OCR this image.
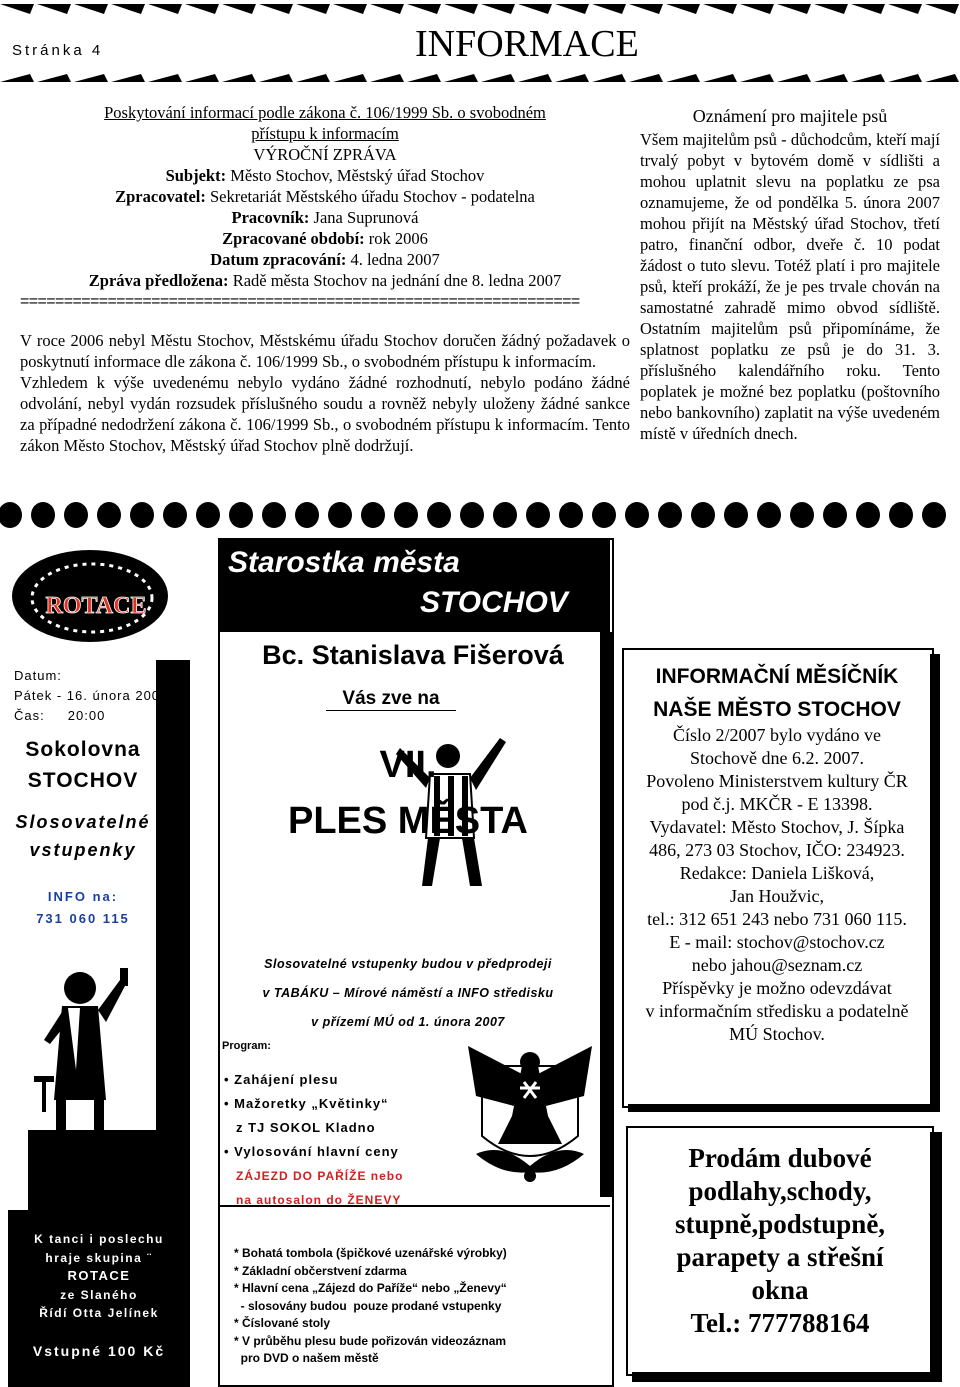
Stránka 4	INFORMACE

Poskytování informací podle zákona č. 106/1999 Sb. o svobodném

přístupu k informacím

VÝROČNÍ ZPRÁVA

Subjekt: Město Stochov, Městský úřad Stochov

Zpracovatel: Sekretariát Městského úřadu Stochov - podatelna

Pracovník: Jana Suprunová

Zpracované období: rok 2006

Datum zpracování: 4. ledna 2007

Zpráva předložena: Radě města Stochov na jednání dne 8. ledna 2007

================================================================

V roce 2006 nebyl Městu Stochov, Městskému úřadu Stochov doručen žádný požadavek o poskytnutí informace dle zákona č. 106/1999 Sb., o svobodném přístupu k informacím.

Vzhledem k výše uvedenému nebylo vydáno žádné rozhodnutí, nebylo podáno žádné odvolání, nebyl vydán rozsudek příslušného soudu a rovněž nebyly uloženy žádné sankce za případné nedodržení zákona č. 106/1999 Sb., o svobodném přístupu k informacím. Tento zákon Město Stochov, Městský úřad Stochov plně dodržují.

Oznámení pro majitele psů
Všem majitelům psů - důchodcům, kteří mají trvalý pobyt v bytovém domě v sídlišti a mohou uplatnit slevu na poplatku ze psa oznamujeme, že od pondělka 5. února 2007 mohou přijít na Městský úřad Stochov, třetí patro, finanční odbor, dveře č. 10 podat žádost o tuto slevu. Totéž platí i pro majitele psů, kteří prokáží, že je pes trvale chován na samostatné zahradě mimo obvod sídliště. Ostatním majitelům psů připomínáme, že splatnost poplatku ze psů je do 31. 3. příslušného kalendářního roku. Tento poplatek je možné bez poplatku (poštovního nebo bankovního) zaplatit na výše uvedeném místě v úředních dnech.
ROTACE
Datum:
Pátek - 16. února 2007
Čas: 20:00
Sokolovna
STOCHOV
Slosovatelné
vstupenky
INFO na:
731 060 115
K tanci i poslechu
hraje skupina ¨
ROTACE
ze Slaného
Řídí Otta Jelínek
Vstupné 100 Kč
Starostka města
STOCHOV
Bc. Stanislava Fišerová
Vás zve na
VII.
PLES MĚSTA
Slosovatelné vstupenky budou v předprodeji
v TABÁKU – Mírové náměstí a INFO středisku
v přízemí MÚ od 1. února 2007
Program:
• Zahájení plesu
• Mažoretky „Květinky“
z TJ SOKOL Kladno
• Vylosování hlavní ceny
ZÁJEZD DO PAŘÍŽE nebo
na autosalon do ŽENEVY
* Bohatá tombola (špičkové uzenářské výrobky)
* Základní občerstvení zdarma
* Hlavní cena „Zájezd do Paříže“ nebo „Ženevy“
- slosovány budou  pouze prodané vstupenky
* Číslované stoly
* V průběhu plesu bude pořizován videozáznam
pro DVD o našem městě
INFORMAČNÍ MĚSÍČNÍK
NAŠE MĚSTO STOCHOV
Číslo 2/2007 bylo vydáno ve
Stochově dne 6.2. 2007.
Povoleno Ministerstvem kultury ČR
pod č.j. MKČR - E 13398.
Vydavatel: Město Stochov, J. Šípka
486, 273 03 Stochov, IČO: 234923.
Redakce: Daniela Lišková,
Jan Houžvic,
tel.: 312 651 243 nebo 731 060 115.
E - mail: stochov@stochov.cz
nebo jahou@seznam.cz
Příspěvky je možno odevzdávat
v informačním středisku a podatelně
MÚ Stochov.
Prodám dubové
podlahy,schody,
stupně,podstupně,
parapety a střešní
okna
Tel.: 777788164
